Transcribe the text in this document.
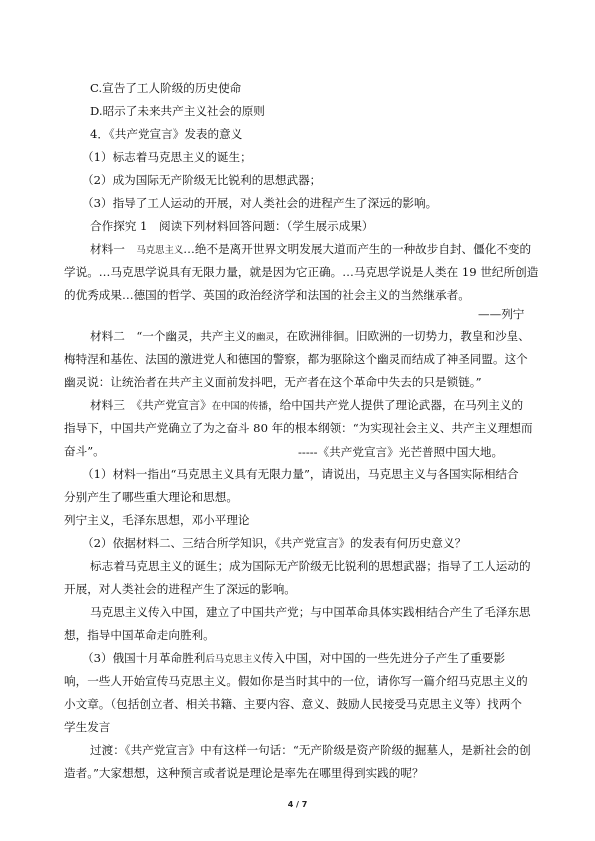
C.宣告了工人阶级的历史使命
D.昭示了未来共产主义社会的原则
4．《共产党宣言》发表的意义
（1）标志着马克思主义的诞生；
（2）成为国际无产阶级无比锐利的思想武器；
（3）指导了工人运动的开展，对人类社会的进程产生了深远的影响。
合作探究 1　阅读下列材料回答问题：（学生展示成果）
材料一　马克思主义…绝不是离开世界文明发展大道而产生的一种故步自封、僵化不变的
学说。…马克思学说具有无限力量，就是因为它正确。…马克思学说是人类在 19 世纪所创造
的优秀成果…德国的哲学、英国的政治经济学和法国的社会主义的当然继承者。
——列宁
材料二　“一个幽灵，共产主义的幽灵，在欧洲徘徊。旧欧洲的一切势力，教皇和沙皇、
梅特涅和基佐、法国的激进党人和德国的警察，都为驱除这个幽灵而结成了神圣同盟。这个
幽灵说：让统治者在共产主义面前发抖吧，无产者在这个革命中失去的只是锁链。”
材料三　《共产党宣言》在中国的传播，给中国共产党人提供了理论武器，在马列主义的
指导下，中国共产党确立了为之奋斗 80 年的根本纲领：“为实现社会主义、共产主义理想而
奋斗”。	-----《共产党宣言》光芒普照中国大地。
（1）材料一指出“马克思主义具有无限力量”，请说出，马克思主义与各国实际相结合
分别产生了哪些重大理论和思想。
列宁主义，毛泽东思想，邓小平理论
（2）依据材料二、三结合所学知识，《共产党宣言》的发表有何历史意义？
标志着马克思主义的诞生；成为国际无产阶级无比锐利的思想武器；指导了工人运动的
开展，对人类社会的进程产生了深远的影响。
马克思主义传入中国，建立了中国共产党；与中国革命具体实践相结合产生了毛泽东思
想，指导中国革命走向胜利。
（3）俄国十月革命胜利后马克思主义传入中国，对中国的一些先进分子产生了重要影
响，一些人开始宣传马克思主义。假如你是当时其中的一位，请你写一篇介绍马克思主义的
小文章。（包括创立者、相关书籍、主要内容、意义、鼓励人民接受马克思主义等）找两个
学生发言
过渡：《共产党宣言》中有这样一句话：“无产阶级是资产阶级的掘墓人，是新社会的创
造者。”大家想想，这种预言或者说是理论是率先在哪里得到实践的呢？
4 / 7
